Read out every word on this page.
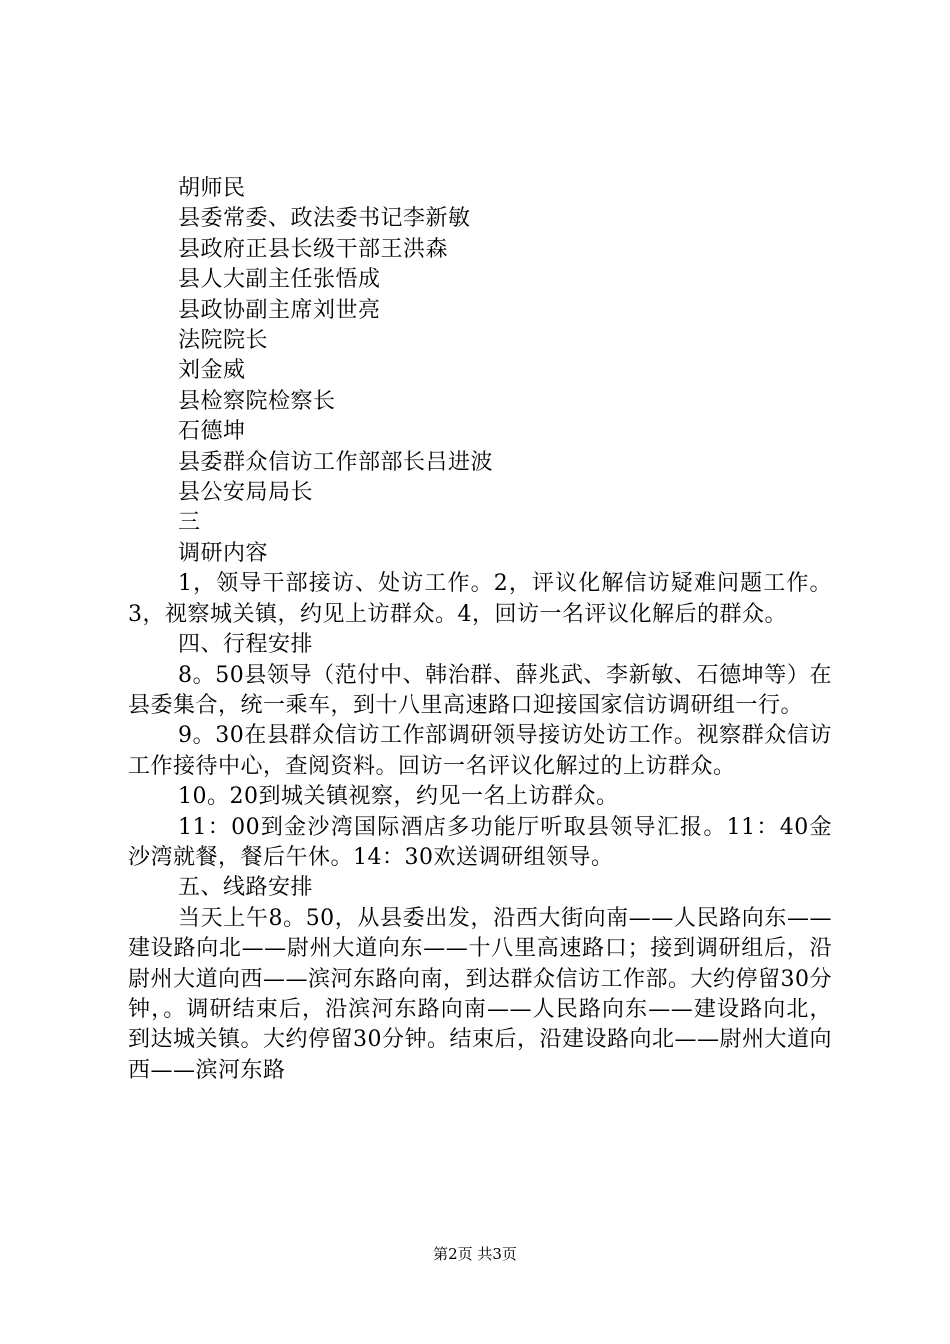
胡师民
县委常委、政法委书记李新敏
县政府正县长级干部王洪森
县人大副主任张悟成
县政协副主席刘世亮
法院院长
刘金威
县检察院检察长
石德坤
县委群众信访工作部部长吕进波
县公安局局长
三
调研内容

1，领导干部接访、处访工作。2，评议化解信访疑难问题工作。3，视察城关镇，约见上访群众。4，回访一名评议化解后的群众。

四、行程安排

8。50县领导（范付中、韩治群、薛兆武、李新敏、石德坤等）在县委集合，统一乘车，到十八里高速路口迎接国家信访调研组一行。

9。30在县群众信访工作部调研领导接访处访工作。视察群众信访工作接待中心，查阅资料。回访一名评议化解过的上访群众。

10。20到城关镇视察，约见一名上访群众。

11：00到金沙湾国际酒店多功能厅听取县领导汇报。11：40金沙湾就餐，餐后午休。14：30欢送调研组领导。

五、线路安排

当天上午8。50，从县委出发，沿西大街向南——人民路向东——建设路向北——尉州大道向东——十八里高速路口；接到调研组后，沿尉州大道向西——滨河东路向南，到达群众信访工作部。大约停留30分钟，。调研结束后，沿滨河东路向南——人民路向东——建设路向北，到达城关镇。大约停留30分钟。结束后，沿建设路向北——尉州大道向西——滨河东路

第2页 共3页
